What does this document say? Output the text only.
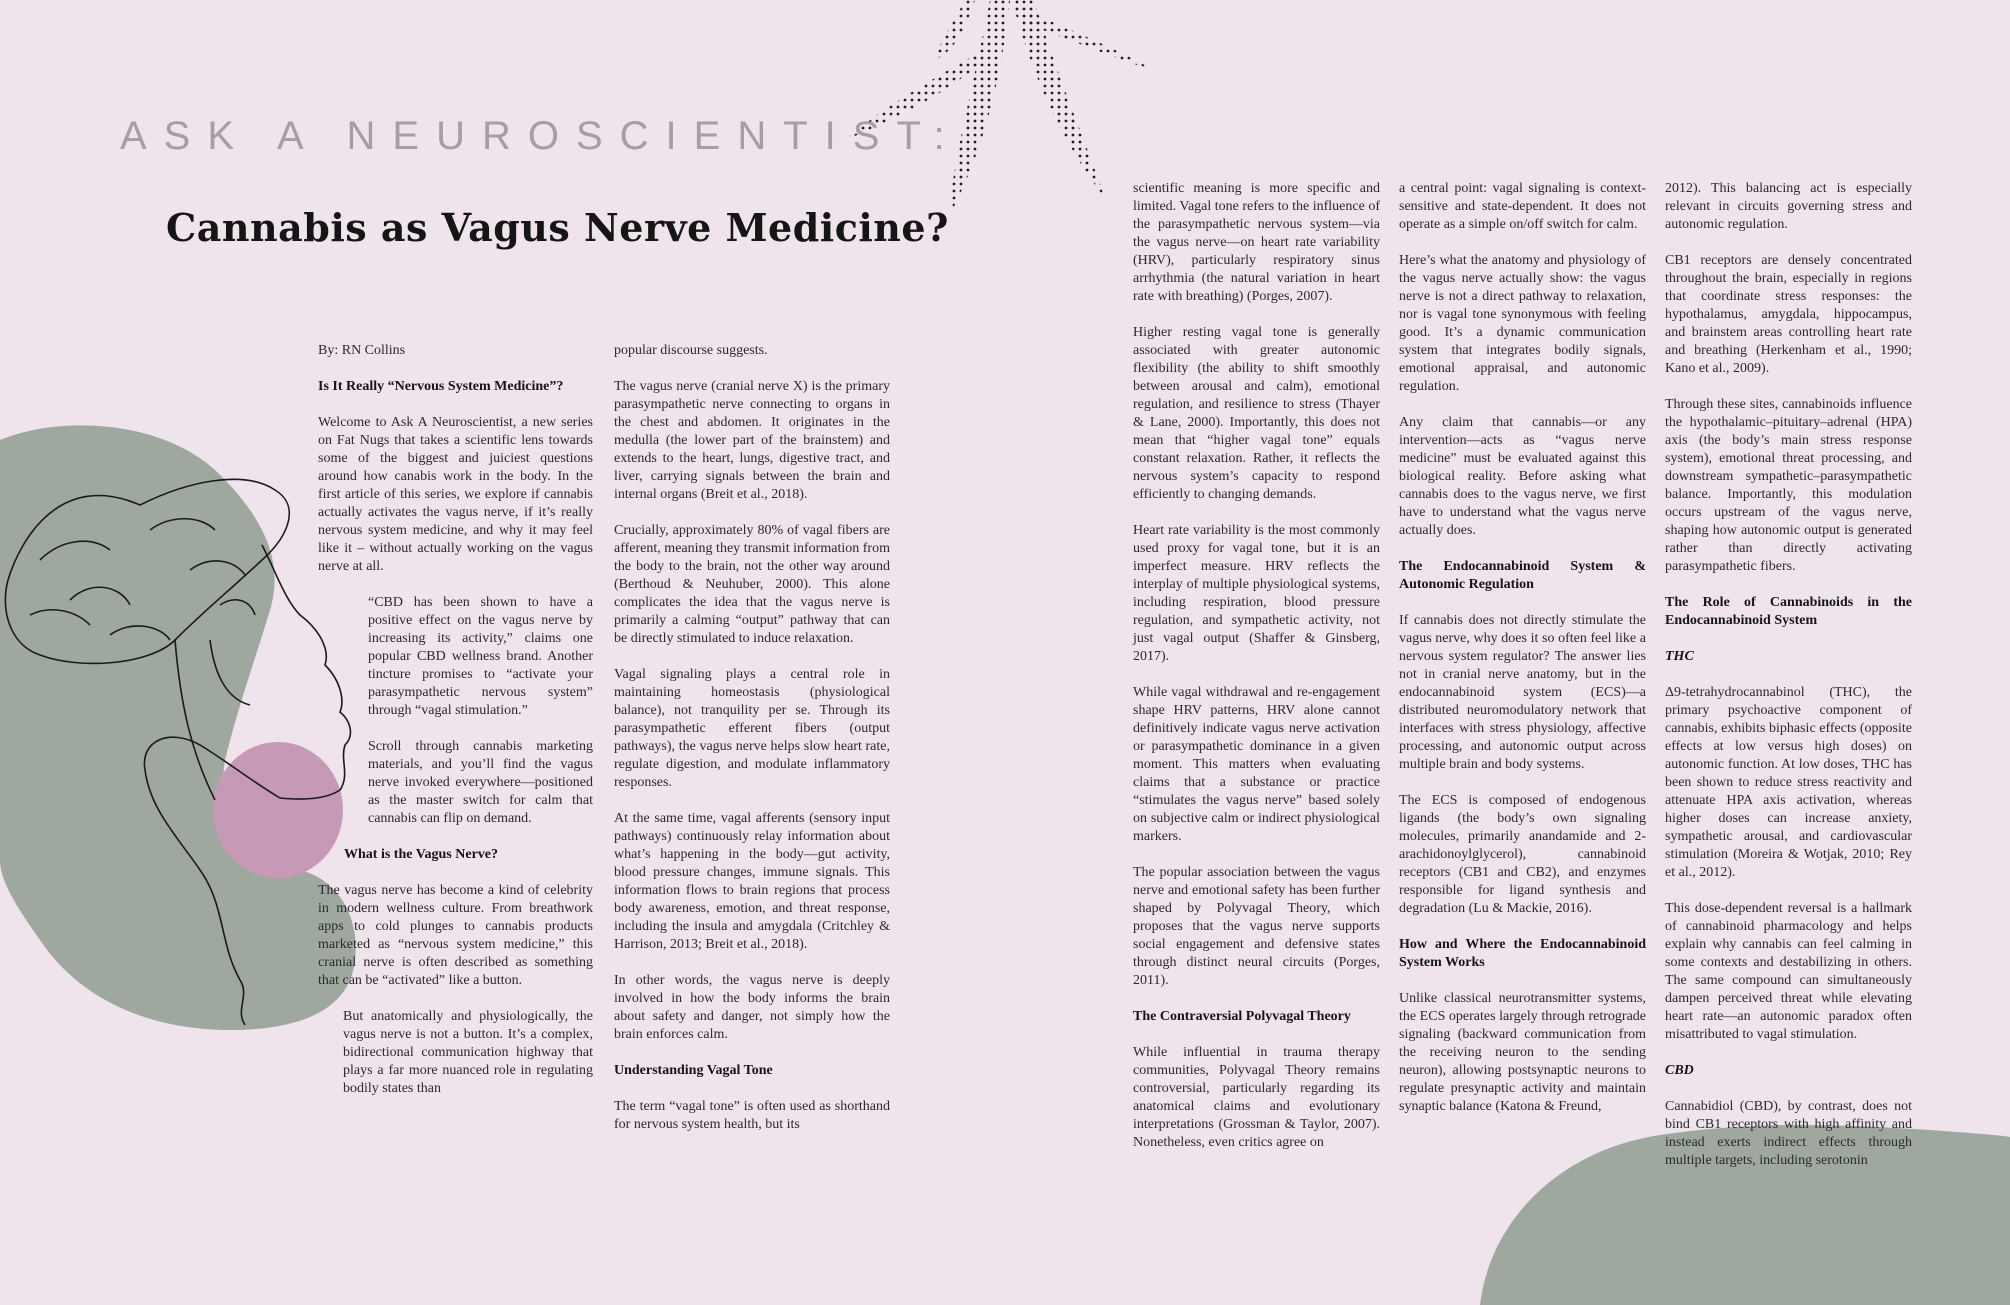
ASK A NEUROSCIENTIST:
Cannabis as Vagus Nerve Medicine?

By: RN Collins

Is It Really “Nervous System Medicine”?

Welcome to Ask A Neuroscientist, a new series on Fat Nugs that takes a scientific lens towards some of the biggest and juiciest questions around how canabis work in the body. In the first article of this series, we explore if cannabis actually activates the vagus nerve, if it’s really nervous system medicine, and why it may feel like it – without actually working on the vagus nerve at all.

“CBD has been shown to have a positive effect on the vagus nerve by increasing its activity,” claims one popular CBD wellness brand. Another tincture promises to “activate your parasympathetic nervous system” through “vagal stimulation.”

Scroll through cannabis marketing materials, and you’ll find the vagus nerve invoked everywhere—positioned as the master switch for calm that cannabis can flip on demand.

What is the Vagus Nerve?

The vagus nerve has become a kind of celebrity in modern wellness culture. From breathwork apps to cold plunges to cannabis products marketed as “nervous system medicine,” this cranial nerve is often described as something that can be “activated” like a button.

But anatomically and physiologically, the vagus nerve is not a button. It’s a complex, bidirectional communication highway that plays a far more nuanced role in regulating bodily states than

popular discourse suggests.

The vagus nerve (cranial nerve X) is the primary parasympathetic nerve connecting to organs in the chest and abdomen. It originates in the medulla (the lower part of the brainstem) and extends to the heart, lungs, digestive tract, and liver, carrying signals between the brain and internal organs (Breit et al., 2018).

Crucially, approximately 80% of vagal fibers are afferent, meaning they transmit information from the body to the brain, not the other way around (Berthoud & Neuhuber, 2000). This alone complicates the idea that the vagus nerve is primarily a calming “output” pathway that can be directly stimulated to induce relaxation.

Vagal signaling plays a central role in maintaining homeostasis (physiological balance), not tranquility per se. Through its parasympathetic efferent fibers (output pathways), the vagus nerve helps slow heart rate, regulate digestion, and modulate inflammatory responses.

At the same time, vagal afferents (sensory input pathways) continuously relay information about what’s happening in the body—gut activity, blood pressure changes, immune signals. This information flows to brain regions that process body awareness, emotion, and threat response, including the insula and amygdala (Critchley & Harrison, 2013; Breit et al., 2018).

In other words, the vagus nerve is deeply involved in how the body informs the brain about safety and danger, not simply how the brain enforces calm.

Understanding Vagal Tone

The term “vagal tone” is often used as shorthand for nervous system health, but its

scientific meaning is more specific and limited. Vagal tone refers to the influence of the parasympathetic nervous system—via the vagus nerve—on heart rate variability (HRV), particularly respiratory sinus arrhythmia (the natural variation in heart rate with breathing) (Porges, 2007).

Higher resting vagal tone is generally associated with greater autonomic flexibility (the ability to shift smoothly between arousal and calm), emotional regulation, and resilience to stress (Thayer & Lane, 2000). Importantly, this does not mean that “higher vagal tone” equals constant relaxation. Rather, it reflects the nervous system’s capacity to respond efficiently to changing demands.

Heart rate variability is the most commonly used proxy for vagal tone, but it is an imperfect measure. HRV reflects the interplay of multiple physiological systems, including respiration, blood pressure regulation, and sympathetic activity, not just vagal output (Shaffer & Ginsberg, 2017).

While vagal withdrawal and re-engagement shape HRV patterns, HRV alone cannot definitively indicate vagus nerve activation or parasympathetic dominance in a given moment. This matters when evaluating claims that a substance or practice “stimulates the vagus nerve” based solely on subjective calm or indirect physiological markers.

The popular association between the vagus nerve and emotional safety has been further shaped by Polyvagal Theory, which proposes that the vagus nerve supports social engagement and defensive states through distinct neural circuits (Porges, 2011).

The Contraversial Polyvagal Theory

While influential in trauma therapy communities, Polyvagal Theory remains controversial, particularly regarding its anatomical claims and evolutionary interpretations (Grossman & Taylor, 2007). Nonetheless, even critics agree on

a central point: vagal signaling is context-sensitive and state-dependent. It does not operate as a simple on/off switch for calm.

Here’s what the anatomy and physiology of the vagus nerve actually show: the vagus nerve is not a direct pathway to relaxation, nor is vagal tone synonymous with feeling good. It’s a dynamic communication system that integrates bodily signals, emotional appraisal, and autonomic regulation.

Any claim that cannabis—or any intervention—acts as “vagus nerve medicine” must be evaluated against this biological reality. Before asking what cannabis does to the vagus nerve, we first have to understand what the vagus nerve actually does.

The Endocannabinoid System & Autonomic Regulation

If cannabis does not directly stimulate the vagus nerve, why does it so often feel like a nervous system regulator? The answer lies not in cranial nerve anatomy, but in the endocannabinoid system (ECS)—a distributed neuromodulatory network that interfaces with stress physiology, affective processing, and autonomic output across multiple brain and body systems.

The ECS is composed of endogenous ligands (the body’s own signaling molecules, primarily anandamide and 2-arachidonoylglycerol), cannabinoid receptors (CB1 and CB2), and enzymes responsible for ligand synthesis and degradation (Lu & Mackie, 2016).

How and Where the Endocannabinoid System Works

Unlike classical neurotransmitter systems, the ECS operates largely through retrograde signaling (backward communication from the receiving neuron to the sending neuron), allowing postsynaptic neurons to regulate presynaptic activity and maintain synaptic balance (Katona & Freund,

2012). This balancing act is especially relevant in circuits governing stress and autonomic regulation.

CB1 receptors are densely concentrated throughout the brain, especially in regions that coordinate stress responses: the hypothalamus, amygdala, hippocampus, and brainstem areas controlling heart rate and breathing (Herkenham et al., 1990; Kano et al., 2009).

Through these sites, cannabinoids influence the hypothalamic–pituitary–adrenal (HPA) axis (the body’s main stress response system), emotional threat processing, and downstream sympathetic–parasympathetic balance. Importantly, this modulation occurs upstream of the vagus nerve, shaping how autonomic output is generated rather than directly activating parasympathetic fibers.

The Role of Cannabinoids in the Endocannabinoid System
THC

Δ9-tetrahydrocannabinol (THC), the primary psychoactive component of cannabis, exhibits biphasic effects (opposite effects at low versus high doses) on autonomic function. At low doses, THC has been shown to reduce stress reactivity and attenuate HPA axis activation, whereas higher doses can increase anxiety, sympathetic arousal, and cardiovascular stimulation (Moreira & Wotjak, 2010; Rey et al., 2012).

This dose-dependent reversal is a hallmark of cannabinoid pharmacology and helps explain why cannabis can feel calming in some contexts and destabilizing in others. The same compound can simultaneously dampen perceived threat while elevating heart rate—an autonomic paradox often misattributed to vagal stimulation.

CBD

Cannabidiol (CBD), by contrast, does not bind CB1 receptors with high affinity and instead exerts indirect effects through multiple targets, including serotonin
